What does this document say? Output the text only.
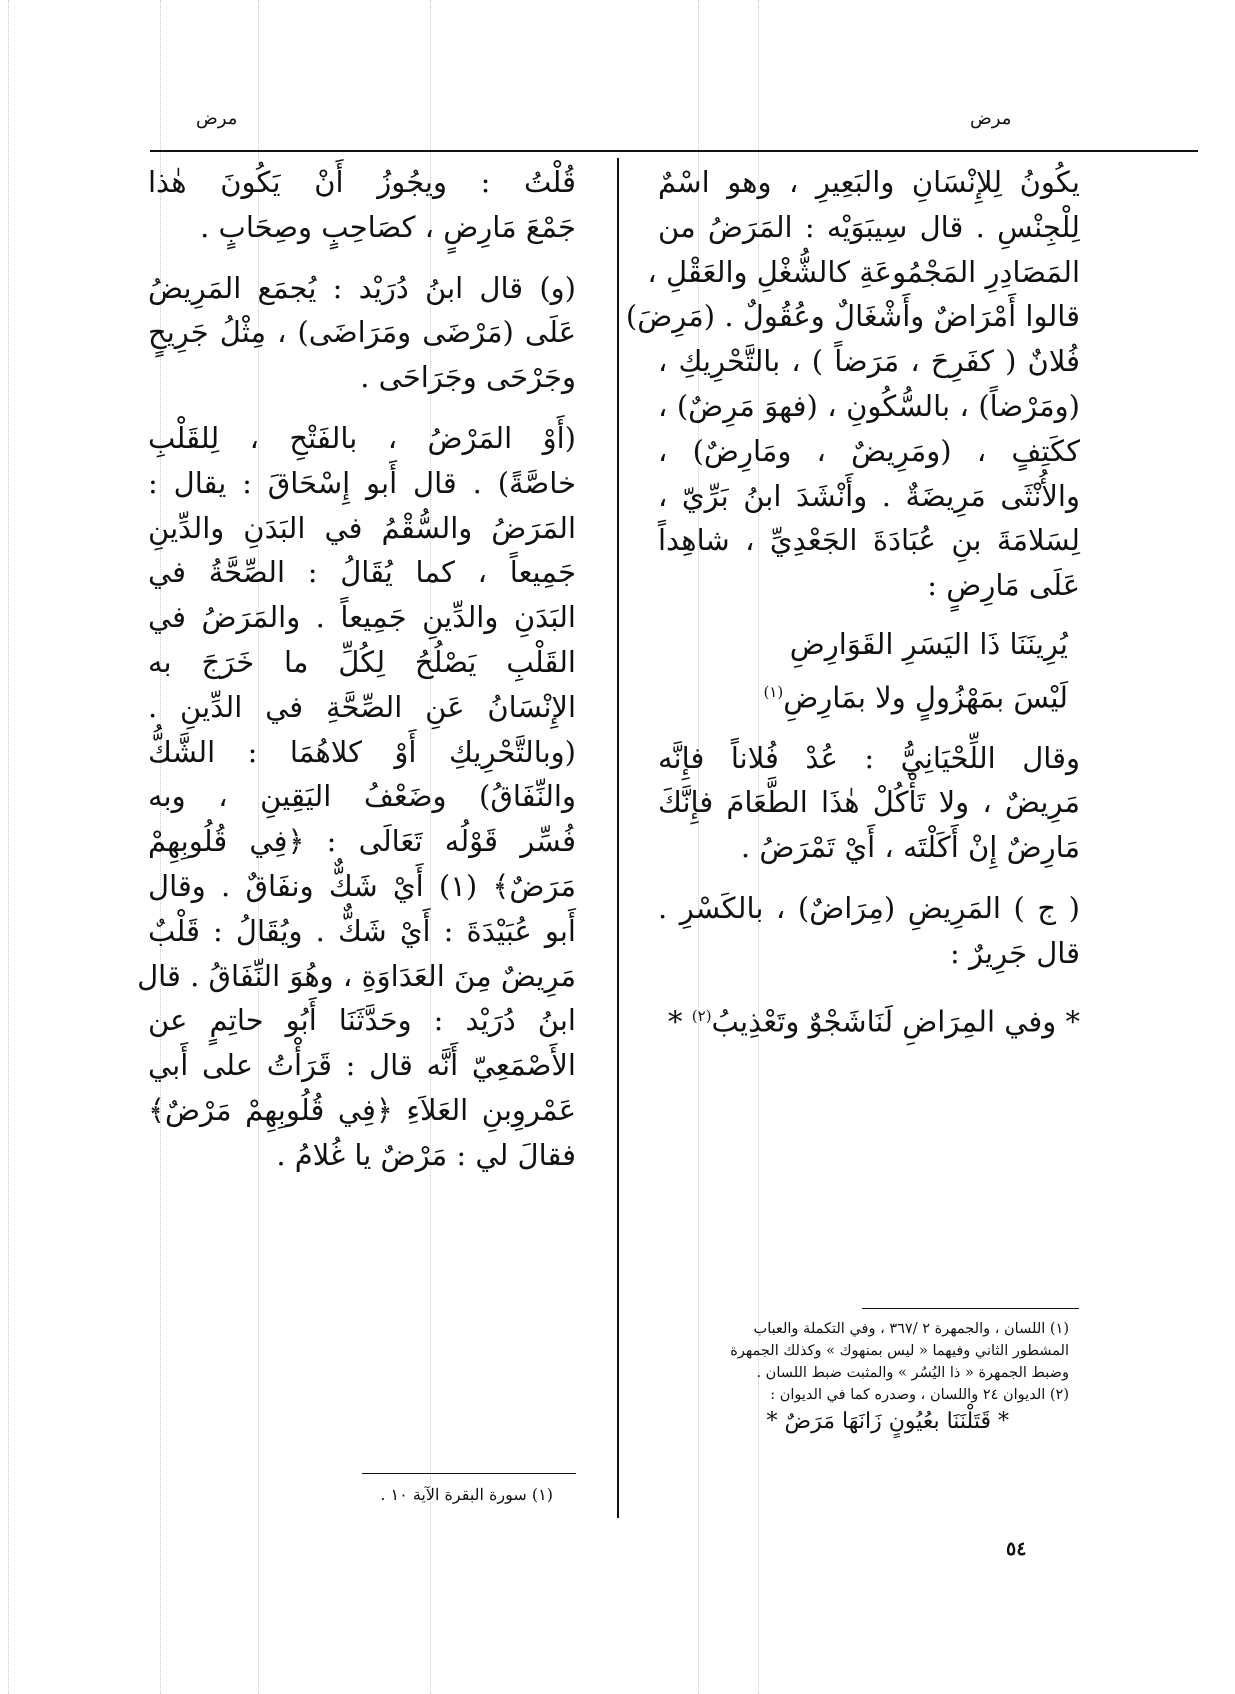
مرض
مرض
يكُونُ لِلإِنْسَانِ والبَعِيرِ ، وهو اسْمٌ
لِلْجِنْسِ . قال سِيبَوَيْه : المَرَضُ من
المَصَادِرِ المَجْمُوعَةِ كالشُّغْلِ والعَقْلِ ،
قالوا أَمْرَاضٌ وأَشْغَالٌ وعُقُولٌ . (مَرِضَ)
فُلانٌ ( كفَرِحَ ، مَرَضاً ) ، بالتَّحْرِيكِ ،
(ومَرْضاً) ، بالسُّكُونِ ، (فهوَ مَرِضٌ) ،
ككَتِفٍ ، (ومَرِيضٌ ، ومَارِضٌ) ،
والأُنْثَى مَرِيضَةٌ . وأَنْشَدَ ابنُ بَرِّيّ ،
لِسَلامَةَ بنِ عُبَادَةَ الجَعْدِيِّ ، شاهِداً
عَلَى مَارِضٍ :
يُرِينَنَا ذَا اليَسَرِ القَوَارِضِ
لَيْسَ بمَهْزُولٍ ولا بمَارِضِ$^{(١)}$
وقال اللِّحْيَانِيُّ : عُدْ فُلاناً فإِنَّه
مَرِيضٌ ، ولا تَأْكُلْ هٰذَا الطَّعَامَ فإِنَّكَ
مَارِضٌ إِنْ أَكَلْتَه ، أَيْ تَمْرَضُ .
( ج ) المَرِيضِ (مِرَاضٌ) ، بالكَسْرِ .
قال جَرِيرٌ :
* وفي المِرَاضِ لَنَاشَجْوٌ وتَعْذِيبُ$^{(٢)}$ *
(١) اللسان ، والجمهرة ٢ /٣٦٧ ، وفي التكملة والعباب
المشطور الثاني وفيهما « ليس بمنهوك » وكذلك الجمهرة
وضبط الجمهرة « ذا اليُسُر » والمثبت ضبط اللسان .
(٢) الديوان ٢٤ واللسان ، وصدره كما في الديوان :
* قَتَلْنَنَا بعُيُونٍ زَانَهَا مَرَضٌ *
قُلْتُ : ويجُوزُ أَنْ يَكُونَ هٰذا
جَمْعَ مَارِضٍ ، كصَاحِبٍ وصِحَابٍ .
(و) قال ابنُ دُرَيْد : يُجمَع المَرِيضُ
عَلَى (مَرْضَى ومَرَاضَى) ، مِثْلُ جَرِيحٍ
وجَرْحَى وجَرَاحَى .
(أَوْ المَرْضُ ، بالفَتْحِ ، لِلقَلْبِ
خاصَّةً) . قال أَبو إِسْحَاقَ : يقال :
المَرَضُ والسُّقْمُ في البَدَنِ والدِّينِ
جَمِيعاً ، كما يُقَالُ : الصِّحَّةُ في
البَدَنِ والدِّينِ جَمِيعاً . والمَرَضُ في
القَلْبِ يَصْلُحُ لِكُلِّ ما خَرَجَ به
الإِنْسَانُ عَنِ الصِّحَّةِ في الدِّينِ .
(وبالتَّحْرِيكِ أَوْ كلاهُمَا : الشَّكُّ
والنِّفَاقُ) وضَعْفُ اليَقِينِ ، وبه
فُسِّر قَوْلُه تَعَالَى : ﴿فِي قُلُوبِهِمْ
مَرَضٌ﴾ (١) أَيْ شَكٌّ ونفَاقٌ . وقال
أَبو عُبَيْدَةَ : أَيْ شَكٌّ . ويُقَالُ : قَلْبٌ
مَرِيضٌ مِنَ العَدَاوَةِ ، وهُوَ النِّفَاقُ . قال
ابنُ دُرَيْد : وحَدَّثَنَا أَبُو حاتِمٍ عن
الأَصْمَعِيّ أَنَّه قال : قَرَأْتُ على أَبي
عَمْروِبنِ العَلاَءِ ﴿فِي قُلُوبِهِمْ مَرْضٌ﴾
فقالَ لي : مَرْضٌ يا غُلامُ .
(١) سورة البقرة الآية ١٠ .
٥٤
